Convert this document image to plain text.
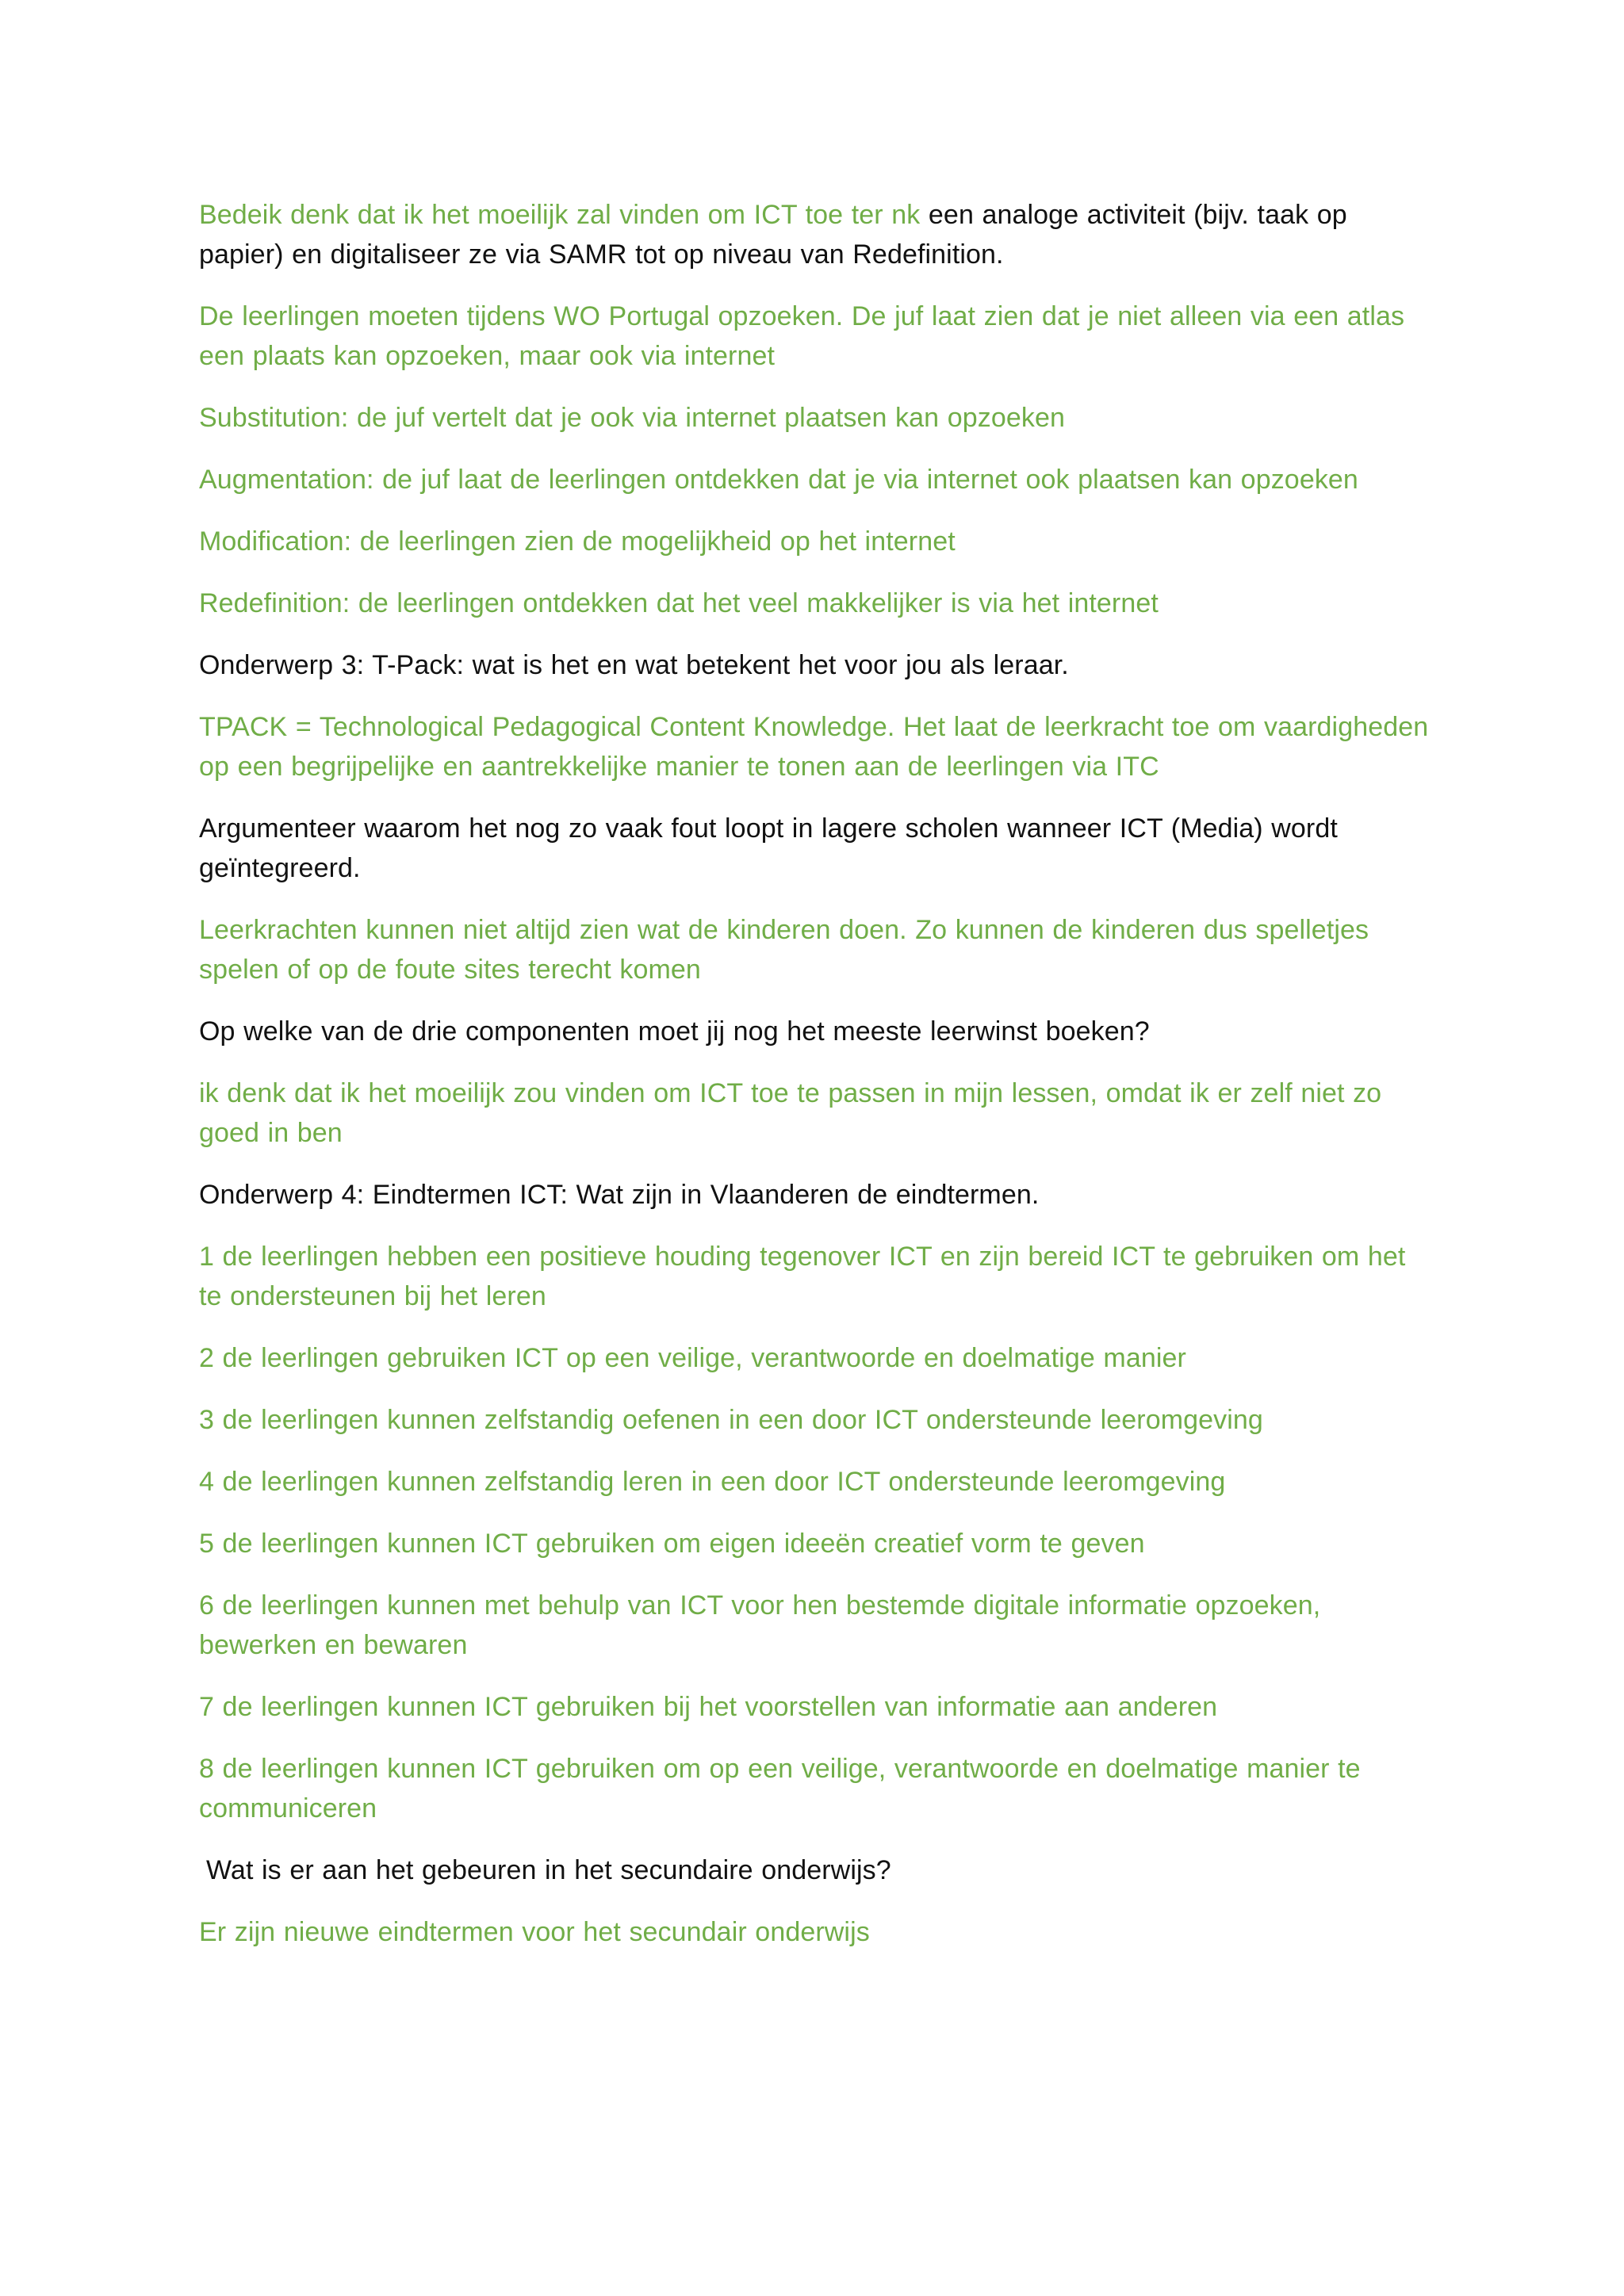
Bedeik denk dat ik het moeilijk zal vinden om ICT toe ter nk een analoge activiteit (bijv. taak op papier) en digitaliseer ze via SAMR tot op niveau van Redefinition.

De leerlingen moeten tijdens WO Portugal opzoeken. De juf laat zien dat je niet alleen via een atlas een plaats kan opzoeken, maar ook via internet

Substitution: de juf vertelt dat je ook via internet plaatsen kan opzoeken

Augmentation: de juf laat de leerlingen ontdekken dat je via internet ook plaatsen kan opzoeken

Modification: de leerlingen zien de mogelijkheid op het internet

Redefinition: de leerlingen ontdekken dat het veel makkelijker is via het internet

Onderwerp 3: T-Pack: wat is het en wat betekent het voor jou als leraar.

TPACK = Technological Pedagogical Content Knowledge. Het laat de leerkracht toe om vaardigheden op een begrijpelijke en aantrekkelijke manier te tonen aan de leerlingen via ITC

Argumenteer waarom het nog zo vaak fout loopt in lagere scholen wanneer ICT (Media) wordt geïntegreerd.

Leerkrachten kunnen niet altijd zien wat de kinderen doen. Zo kunnen de kinderen dus spelletjes spelen of op de foute sites terecht komen

Op welke van de drie componenten moet jij nog het meeste leerwinst boeken?

ik denk dat ik het moeilijk zou vinden om ICT toe te passen in mijn lessen, omdat ik er zelf niet zo goed in ben

Onderwerp 4: Eindtermen ICT: Wat zijn in Vlaanderen de eindtermen.

1 de leerlingen hebben een positieve houding tegenover ICT en zijn bereid ICT te gebruiken om het te ondersteunen bij het leren

2 de leerlingen gebruiken ICT op een veilige, verantwoorde en doelmatige manier

3 de leerlingen kunnen zelfstandig oefenen in een door ICT ondersteunde leeromgeving

4 de leerlingen kunnen zelfstandig leren in een door ICT ondersteunde leeromgeving

5 de leerlingen kunnen ICT gebruiken om eigen ideeën creatief vorm te geven

6 de leerlingen kunnen met behulp van ICT voor hen bestemde digitale informatie opzoeken, bewerken en bewaren

7 de leerlingen kunnen ICT gebruiken bij het voorstellen van informatie aan anderen

8 de leerlingen kunnen ICT gebruiken om op een veilige, verantwoorde en doelmatige manier te communiceren

Wat is er aan het gebeuren in het secundaire onderwijs?

Er zijn nieuwe eindtermen voor het secundair onderwijs
